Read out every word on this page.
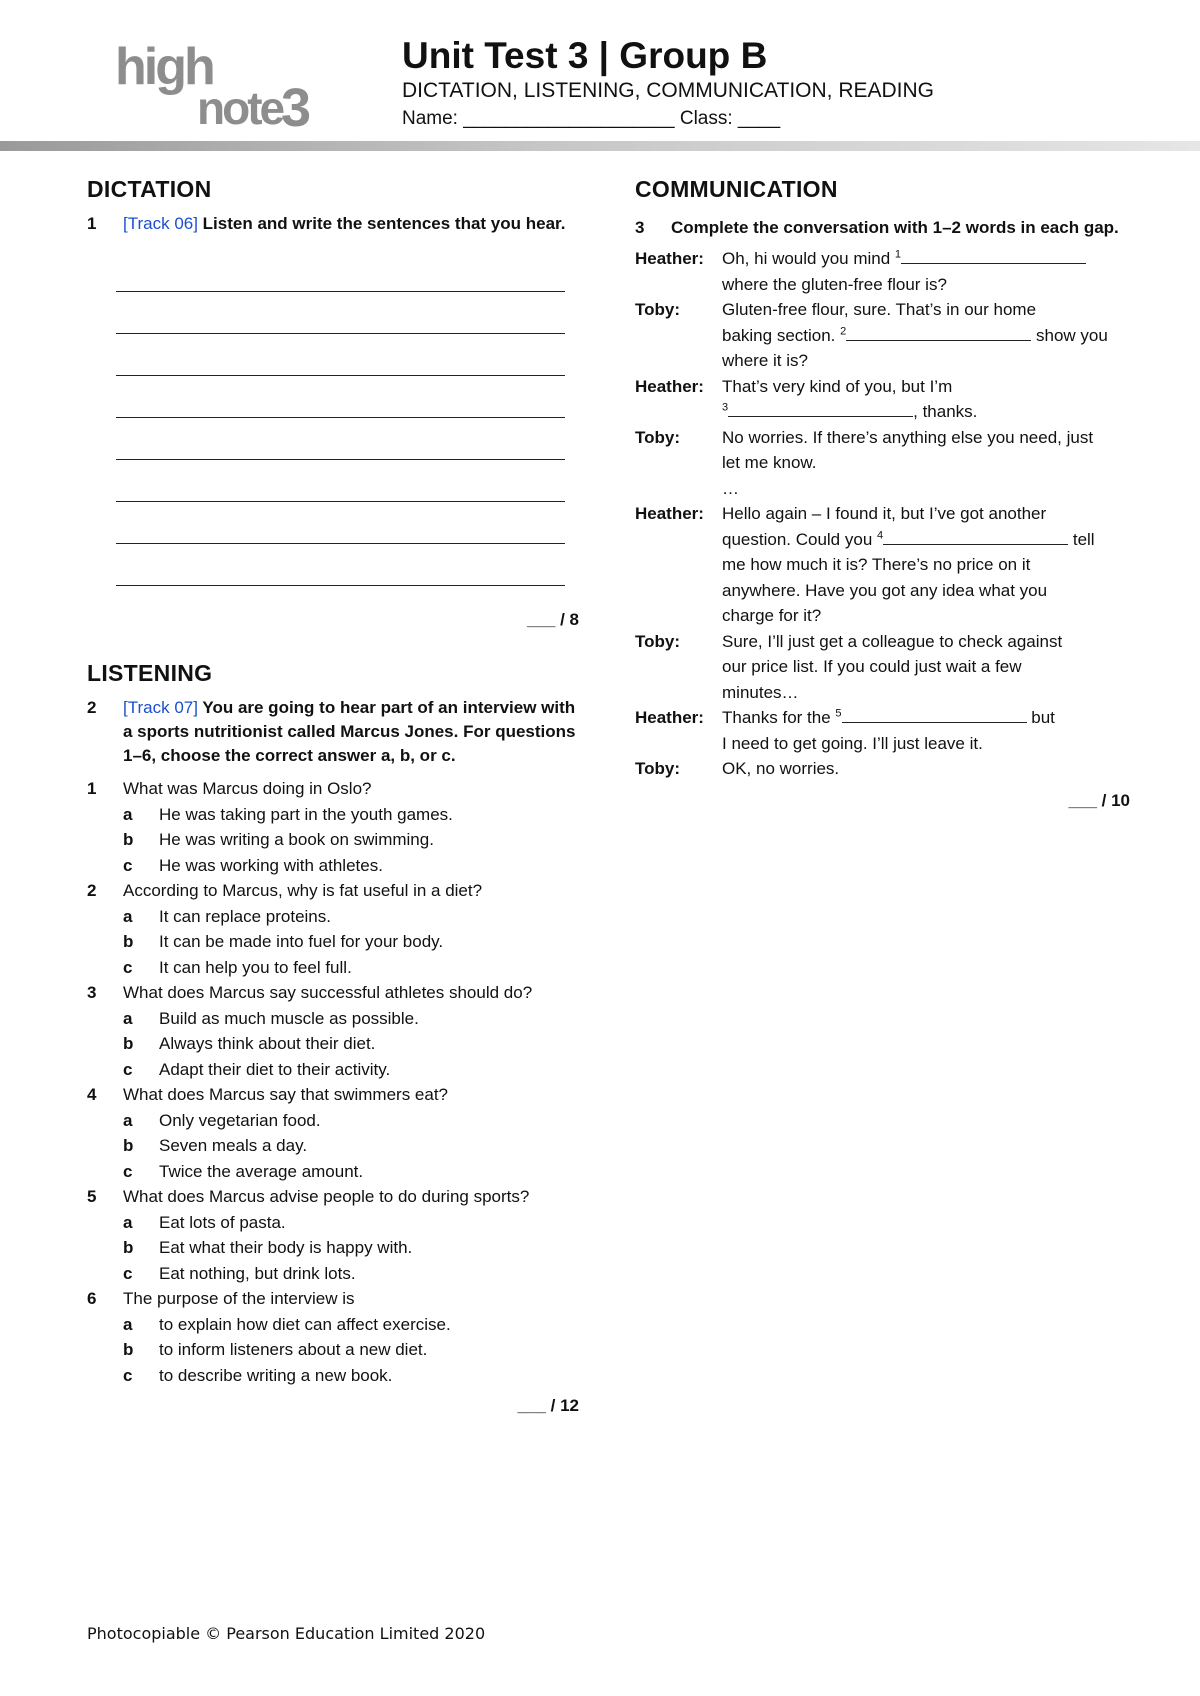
high
note
3
Unit Test 3 | Group B
DICTATION, LISTENING, COMMUNICATION, READING
Name: ____________________ Class: ____
DICTATION
1	[Track 06] Listen and write the sentences that you hear.
___ / 8
LISTENING
2	[Track 07] You are going to hear part of an interview with a sports nutritionist called Marcus Jones. For questions 1–6, choose the correct answer a, b, or c.
1	What was Marcus doing in Oslo?
a	He was taking part in the youth games.
b	He was writing a book on swimming.
c	He was working with athletes.
2	According to Marcus, why is fat useful in a diet?
a	It can replace proteins.
b	It can be made into fuel for your body.
c	It can help you to feel full.
3	What does Marcus say successful athletes should do?
a	Build as much muscle as possible.
b	Always think about their diet.
c	Adapt their diet to their activity.
4	What does Marcus say that swimmers eat?
a	Only vegetarian food.
b	Seven meals a day.
c	Twice the average amount.
5	What does Marcus advise people to do during sports?
a	Eat lots of pasta.
b	Eat what their body is happy with.
c	Eat nothing, but drink lots.
6	The purpose of the interview is
a	to explain how diet can affect exercise.
b	to inform listeners about a new diet.
c	to describe writing a new book.
___ / 12
COMMUNICATION
3	Complete the conversation with 1–2 words in each gap.
Heather:	Oh, hi would you mind $^1$
where the gluten-free flour is?
Toby:	Gluten-free flour, sure. That’s in our home
baking section. $^2$	show you
where it is?
Heather:	That’s very kind of you, but I’m
$^3$	, thanks.
Toby:	No worries. If there’s anything else you need, just
let me know.
…
Heather:	Hello again – I found it, but I’ve got another
question. Could you $^4$	tell
me how much it is? There’s no price on it
anywhere. Have you got any idea what you
charge for it?
Toby:	Sure, I’ll just get a colleague to check against
our price list. If you could just wait a few
minutes…
Heather:	Thanks for the $^5$	but
I need to get going. I’ll just leave it.
Toby:	OK, no worries.
___ / 10
Photocopiable © Pearson Education Limited 2020
